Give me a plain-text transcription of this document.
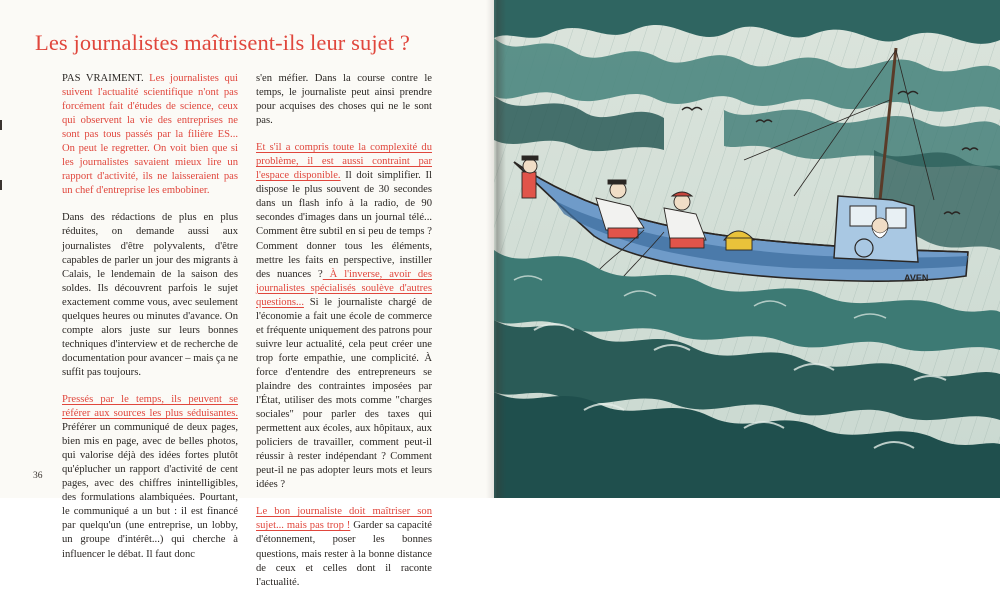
Les journalistes maîtrisent-ils leur sujet ?

PAS VRAIMENT. Les journalistes qui suivent l'actualité scientifique n'ont pas forcément fait d'études de science, ceux qui observent la vie des entreprises ne sont pas tous passés par la filière ES... On peut le regretter. On voit bien que si les journalistes savaient mieux lire un rapport d'activité, ils ne laisseraient pas un chef d'entreprise les embobiner.

Dans des rédactions de plus en plus réduites, on demande aussi aux journalistes d'être polyvalents, d'être capables de parler un jour des migrants à Calais, le lendemain de la saison des soldes. Ils découvrent parfois le sujet exactement comme vous, avec seulement quelques heures ou minutes d'avance. On compte alors juste sur leurs bonnes techniques d'interview et de recherche de documentation pour avancer – mais ça ne suffit pas toujours.

Pressés par le temps, ils peuvent se référer aux sources les plus séduisantes. Préférer un communiqué de deux pages, bien mis en page, avec de belles photos, qui valorise déjà des idées fortes plutôt qu'éplucher un rapport d'activité de cent pages, avec des chiffres inintelligibles, des formulations alambiquées. Pourtant, le communiqué a un but : il est financé par quelqu'un (une entreprise, un lobby, un groupe d'intérêt...) qui cherche à influencer le débat. Il faut donc

s'en méfier. Dans la course contre le temps, le journaliste peut ainsi prendre pour acquises des choses qui ne le sont pas.

Et s'il a compris toute la complexité du problème, il est aussi contraint par l'espace disponible. Il doit simplifier. Il dispose le plus souvent de 30 secondes dans un flash info à la radio, de 90 secondes d'images dans un journal télé... Comment être subtil en si peu de temps ? Comment donner tous les éléments, mettre les faits en perspective, instiller des nuances ? À l'inverse, avoir des journalistes spécialisés soulève d'autres questions... Si le journaliste chargé de l'économie a fait une école de commerce et fréquente uniquement des patrons pour suivre leur actualité, cela peut créer une trop forte empathie, une complicité. À force d'entendre des entrepreneurs se plaindre des contraintes imposées par l'État, utiliser des mots comme "charges sociales" pour parler des taxes qui permettent aux écoles, aux hôpitaux, aux policiers de travailler, comment peut-il réussir à rester indépendant ? Comment peut-il ne pas adopter leurs mots et leurs idées ?

Le bon journaliste doit maîtriser son sujet... mais pas trop ! Garder sa capacité d'étonnement, poser les bonnes questions, mais rester à la bonne distance de ceux et celles dont il raconte l'actualité.

36
AVEN
